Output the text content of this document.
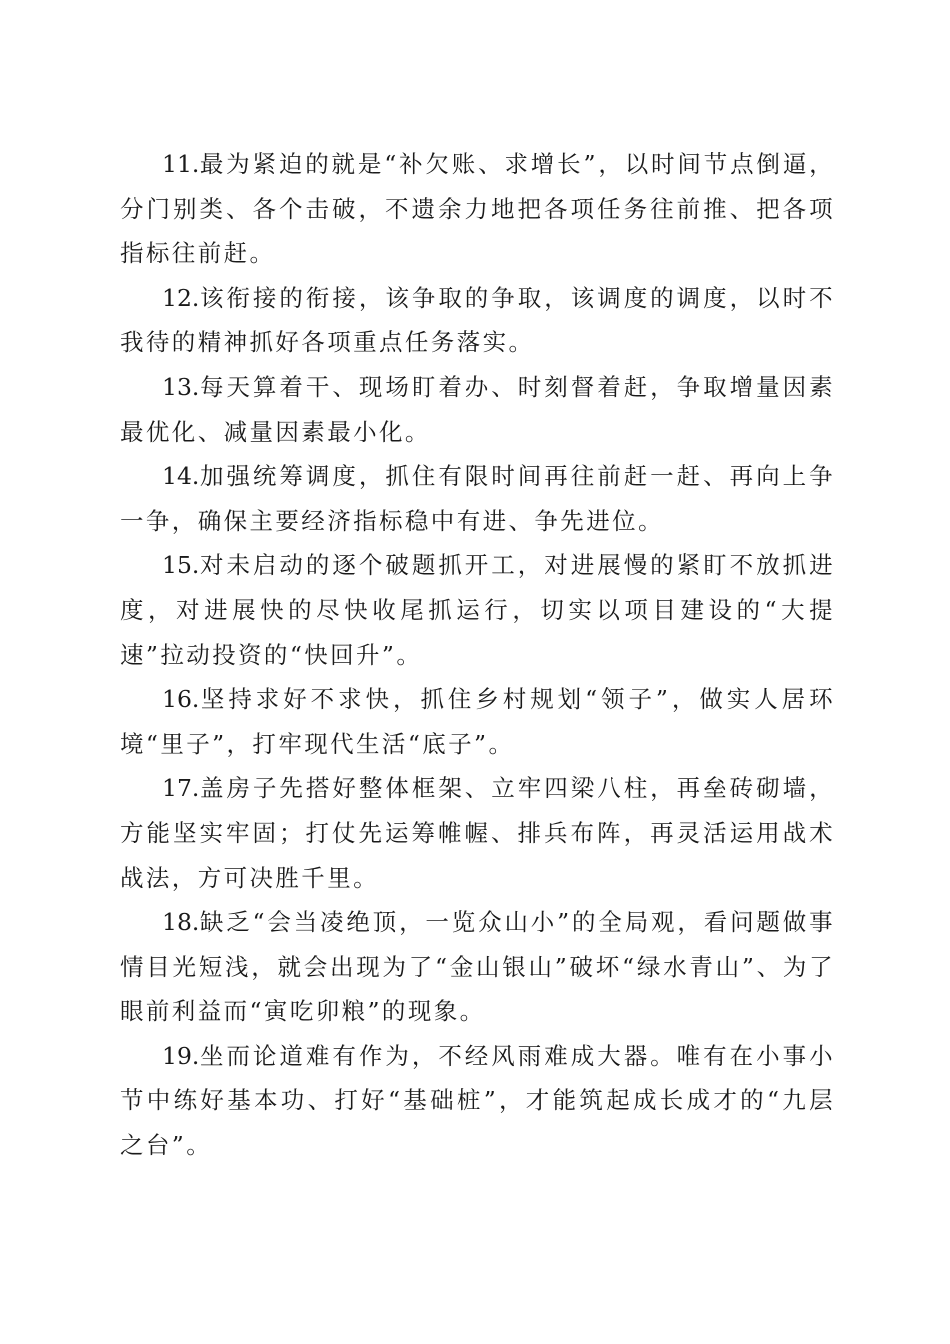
11.最为紧迫的就是“补欠账、求增长”，以时间节点倒逼，分门别类、各个击破，不遗余力地把各项任务往前推、把各项指标往前赶。

12.该衔接的衔接，该争取的争取，该调度的调度，以时不我待的精神抓好各项重点任务落实。

13.每天算着干、现场盯着办、时刻督着赶，争取增量因素最优化、减量因素最小化。

14.加强统筹调度，抓住有限时间再往前赶一赶、再向上争一争，确保主要经济指标稳中有进、争先进位。

15.对未启动的逐个破题抓开工，对进展慢的紧盯不放抓进度，对进展快的尽快收尾抓运行，切实以项目建设的“大提速”拉动投资的“快回升”。

16.坚持求好不求快，抓住乡村规划“领子”，做实人居环境“里子”，打牢现代生活“底子”。

17.盖房子先搭好整体框架、立牢四梁八柱，再垒砖砌墙，方能坚实牢固；打仗先运筹帷幄、排兵布阵，再灵活运用战术战法，方可决胜千里。

18.缺乏“会当凌绝顶，一览众山小”的全局观，看问题做事情目光短浅，就会出现为了“金山银山”破坏“绿水青山”、为了眼前利益而“寅吃卯粮”的现象。

19.坐而论道难有作为，不经风雨难成大器。唯有在小事小节中练好基本功、打好“基础桩”，才能筑起成长成才的“九层之台”。
